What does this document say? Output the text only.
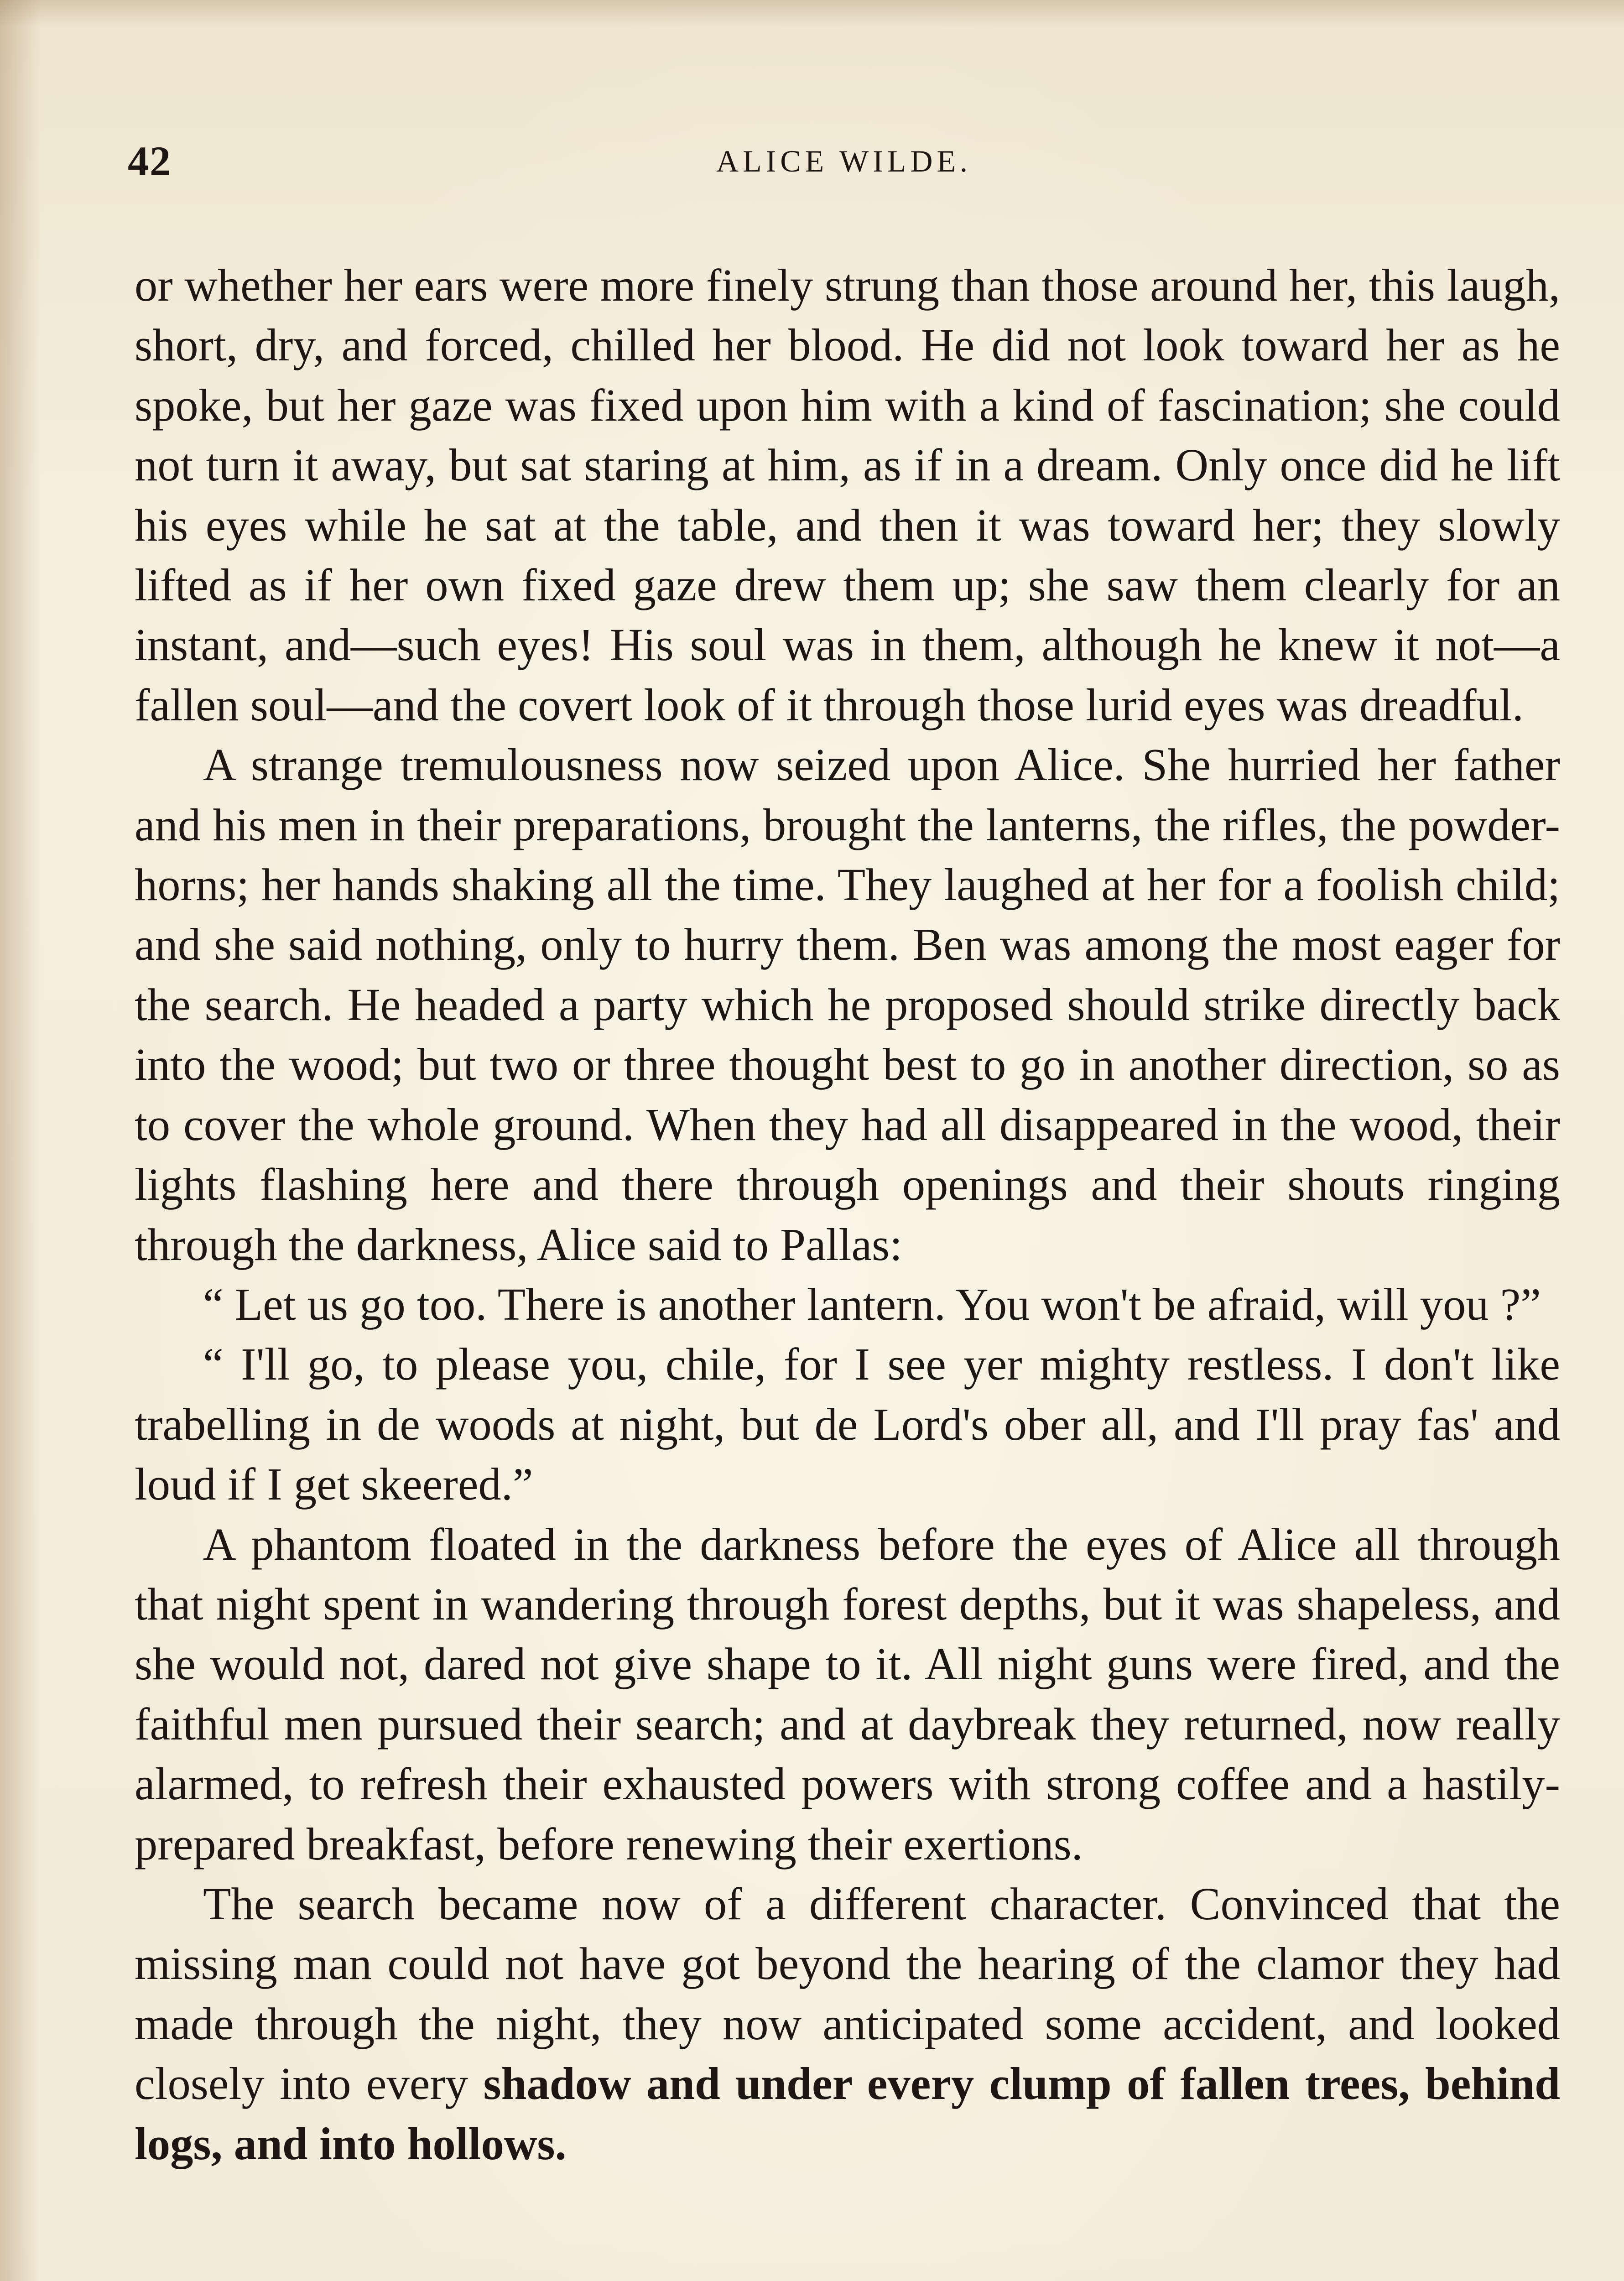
42	ALICE WILDE.

or whether her ears were more finely strung than those around her, this laugh, short, dry, and forced, chilled her blood. He did not look toward her as he spoke, but her gaze was fixed upon him with a kind of fascination; she could not turn it away, but sat staring at him, as if in a dream. Only once did he lift his eyes while he sat at the table, and then it was toward her; they slowly lifted as if her own fixed gaze drew them up; she saw them clearly for an instant, and—such eyes! His soul was in them, although he knew it not—a fallen soul—and the covert look of it through those lurid eyes was dreadful.

A strange tremulousness now seized upon Alice. She hurried her father and his men in their preparations, brought the lanterns, the rifles, the powder-horns; her hands shaking all the time. They laughed at her for a foolish child; and she said nothing, only to hurry them. Ben was among the most eager for the search. He headed a party which he proposed should strike directly back into the wood; but two or three thought best to go in another direction, so as to cover the whole ground. When they had all disappeared in the wood, their lights flashing here and there through openings and their shouts ringing through the darkness, Alice said to Pallas:

“ Let us go too. There is another lantern. You won't be afraid, will you ?”

“ I'll go, to please you, chile, for I see yer mighty restless. I don't like trabelling in de woods at night, but de Lord's ober all, and I'll pray fas' and loud if I get skeered.”

A phantom floated in the darkness before the eyes of Alice all through that night spent in wandering through forest depths, but it was shapeless, and she would not, dared not give shape to it. All night guns were fired, and the faithful men pursued their search; and at daybreak they returned, now really alarmed, to refresh their exhausted powers with strong coffee and a hastily-prepared breakfast, before renewing their exertions.

The search became now of a different character. Convinced that the missing man could not have got beyond the hearing of the clamor they had made through the night, they now anticipated some accident, and looked closely into every shadow and under every clump of fallen trees, behind logs, and into hollows.
